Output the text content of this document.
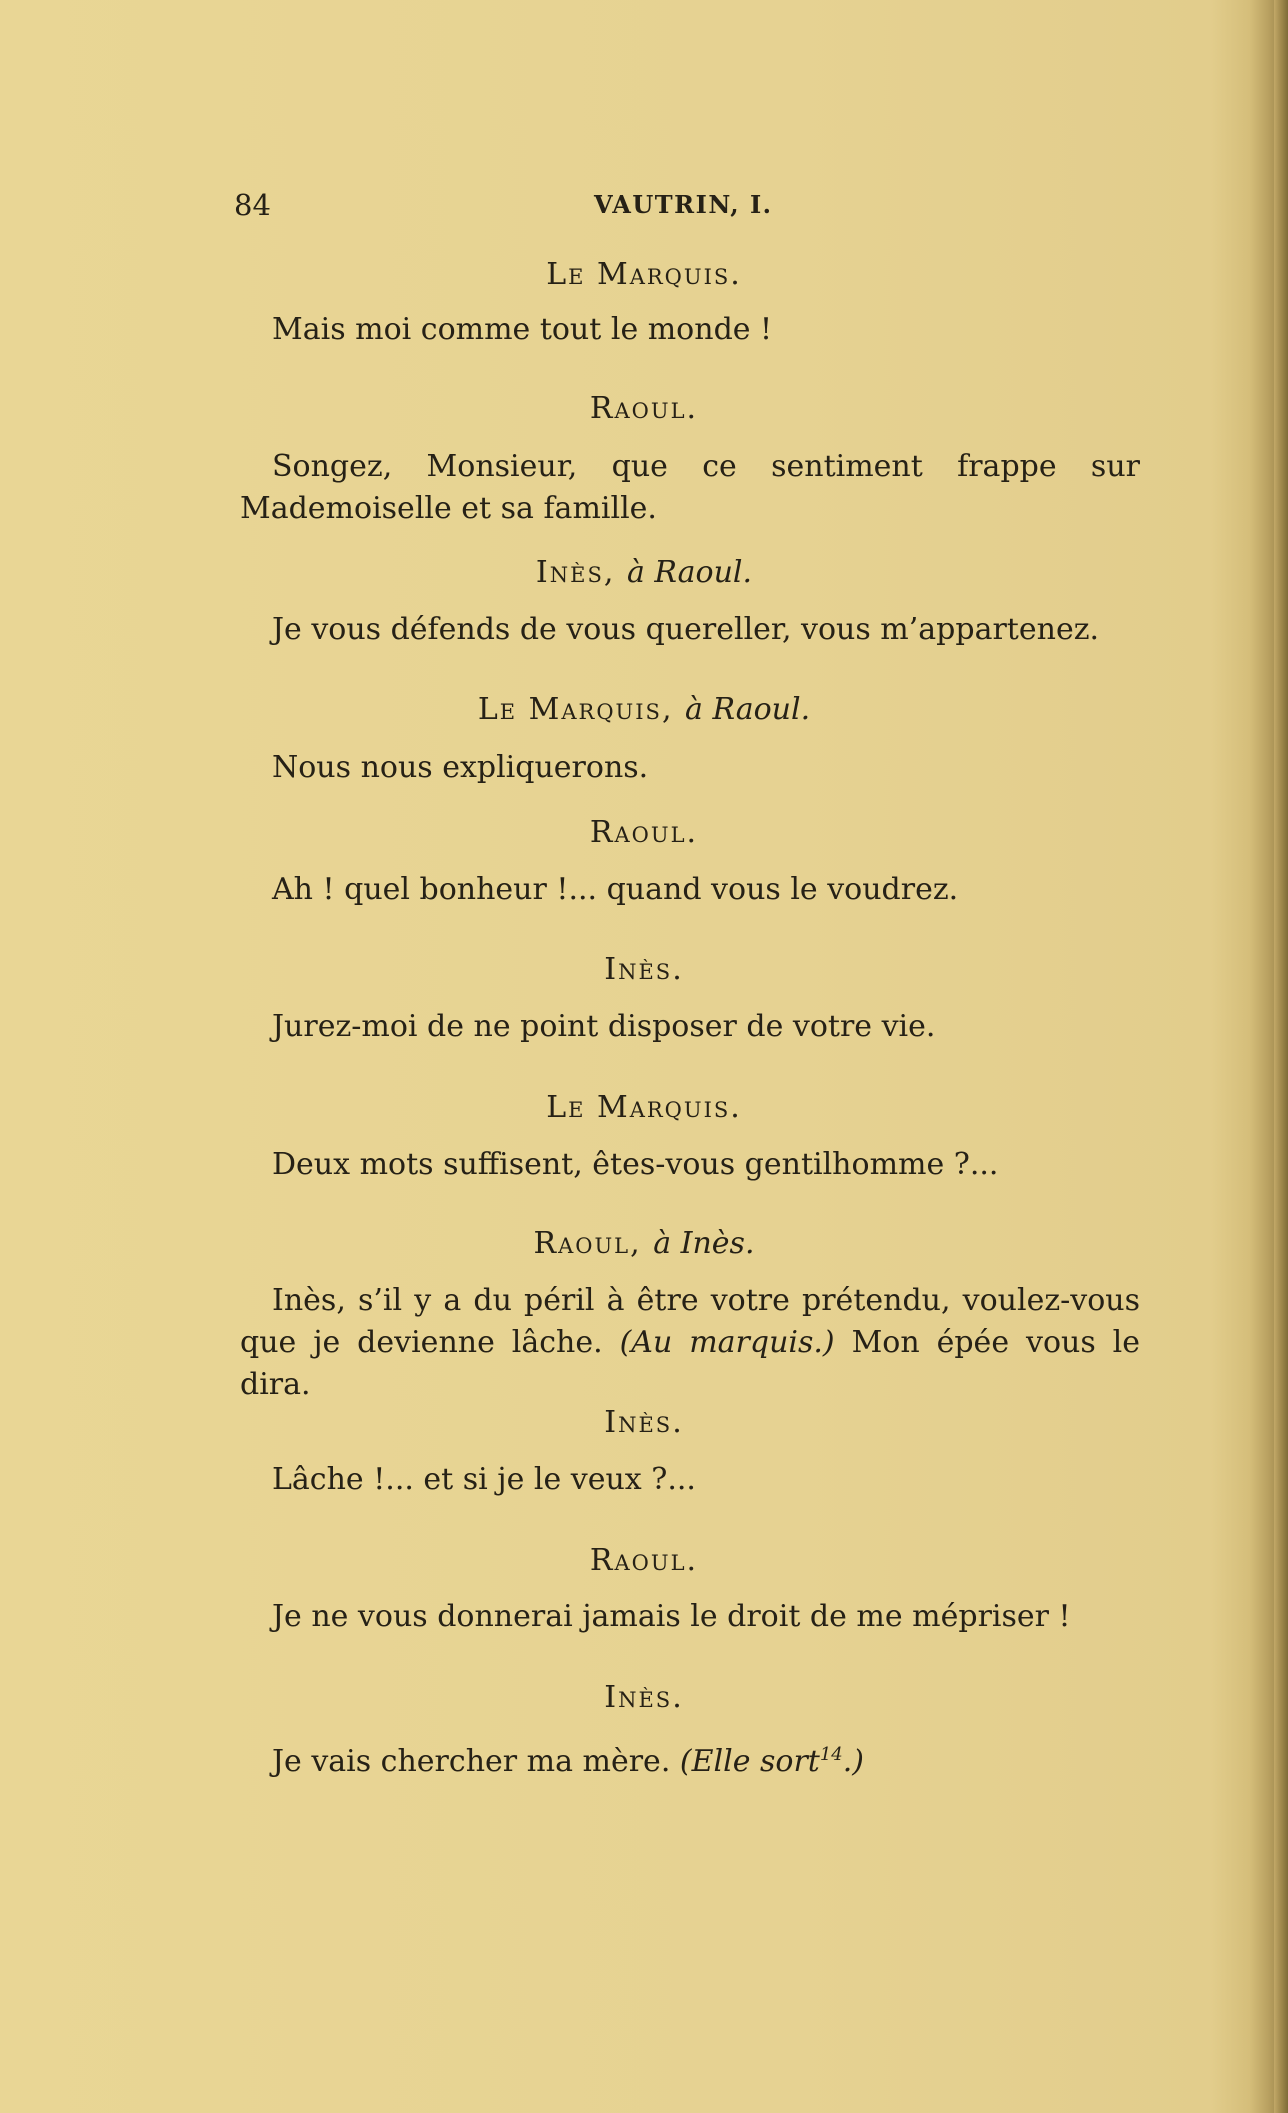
84	VAUTRIN, I.
Le Marquis.
Mais moi comme tout le monde !
Raoul.
Songez, Monsieur, que ce sentiment frappe sur Mademoiselle et sa famille.
Inès, à Raoul.
Je vous défends de vous quereller, vous m’appartenez.
Le Marquis, à Raoul.
Nous nous expliquerons.
Raoul.
Ah ! quel bonheur !... quand vous le voudrez.
Inès.
Jurez-moi de ne point disposer de votre vie.
Le Marquis.
Deux mots suffisent, êtes-vous gentilhomme ?...
Raoul, à Inès.
Inès, s’il y a du péril à être votre prétendu, voulez-vous que je devienne lâche. (Au marquis.) Mon épée vous le dira.
Inès.
Lâche !... et si je le veux ?...
Raoul.
Je ne vous donnerai jamais le droit de me mépriser !
Inès.
Je vais chercher ma mère. (Elle sort$^{14}$.)
